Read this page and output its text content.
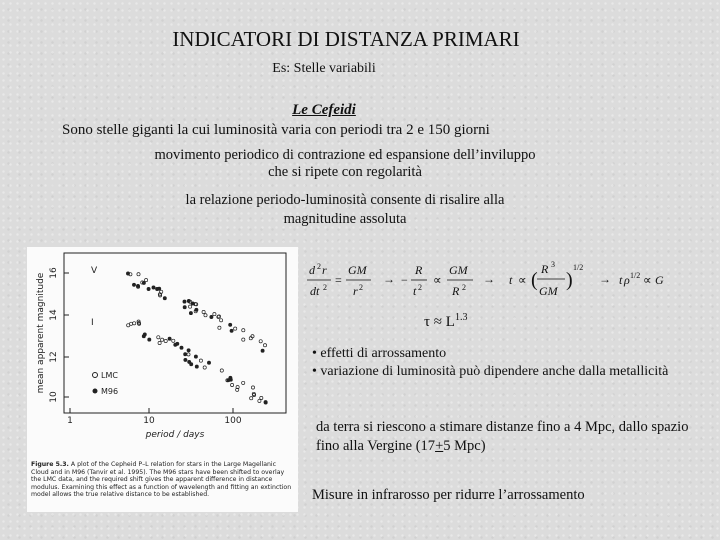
INDICATORI DI DISTANZA PRIMARI
Es: Stelle variabili
Le Cefeidi
Sono stelle giganti la cui luminosità varia con periodi tra 2 e 150 giorni
movimento periodico di contrazione ed espansione dell’inviluppo
che si ripete con regolarità
la relazione periodo-luminosità consente di risalire alla
magnitudine assoluta
16
14
12
10
mean apparent magnitude
1	10	100
period / days
V
I
LMC
M96
Figure 5.3. A plot of the Cepheid P–L relation for stars in the Large Magellanic Cloud and in M96 (Tanvir et al. 1995). The M96 stars have been shifted to overlay the LMC data, and the required shift gives the apparent difference in distance modulus. Examining this effect as a function of wavelength and fitting an extinction model allows the true relative distance to be established.
d 2 r
dt 2
=
GM
r 2
→ −
R
t 2
∝
GM
R 2
→ t ∝ ( R 3
GM )
1/2
→ t ρ 1/2 ∝ G
$\tau \approx L^{1.3}$
• effetti di arrossamento
• variazione di luminosità può dipendere anche dalla metallicità
da terra si riescono a stimare distanze fino a 4 Mpc, dallo spazio fino alla Vergine (17+5 Mpc)
Misure in infrarosso per ridurre l’arrossamento
